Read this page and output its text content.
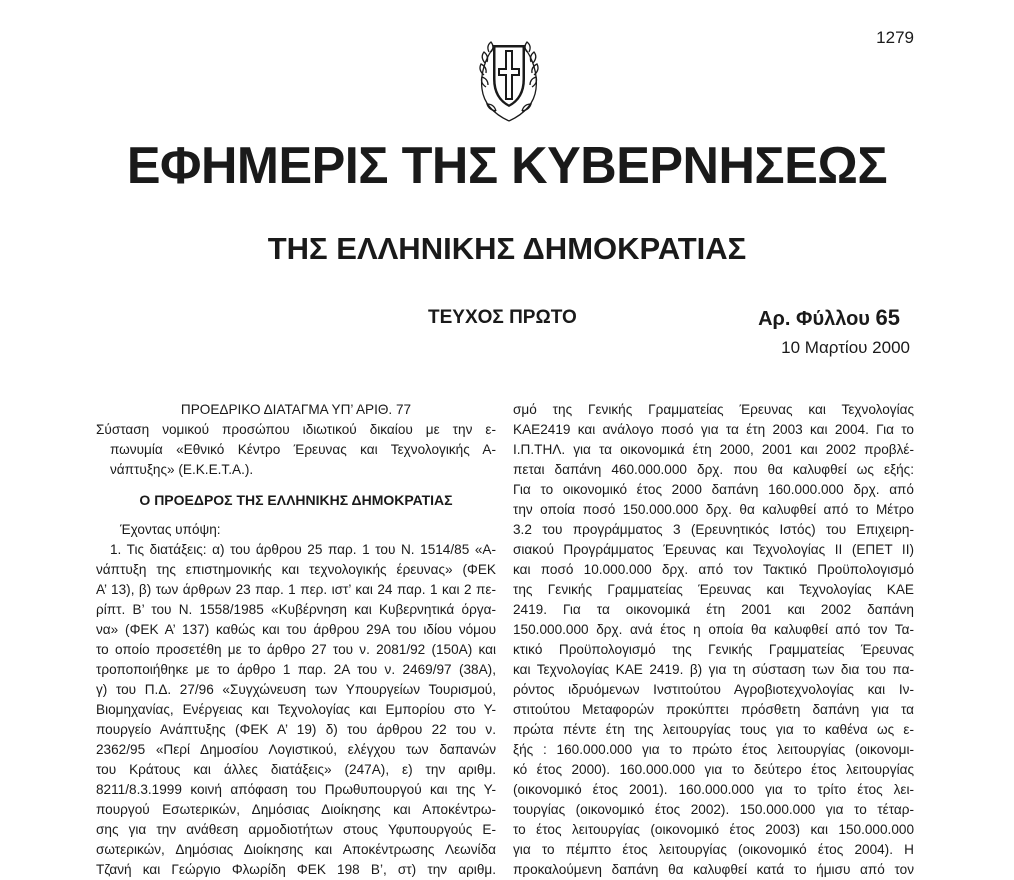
1279
ΕΦΗΜΕΡΙΣ ΤΗΣ ΚΥΒΕΡΝΗΣΕΩΣ
ΤΗΣ ΕΛΛΗΝΙΚΗΣ ΔΗΜΟΚΡΑΤΙΑΣ
ΤΕΥΧΟΣ ΠΡΩΤΟ	Αρ. Φύλλου 65
10 Μαρτίου 2000

ΠΡΟΕΔΡΙΚΟ ΔΙΑΤΑΓΜΑ ΥΠ’ ΑΡΙΘ. 77

Σύσταση νομικού προσώπου ιδιωτικού δικαίου με την ε-

πωνυμία «Εθνικό Κέντρο Έρευνας και Τεχνολογικής Α-

νάπτυξης» (Ε.Κ.Ε.Τ.Α.).

Ο ΠΡΟΕΔΡΟΣ ΤΗΣ ΕΛΛΗΝΙΚΗΣ ΔΗΜΟΚΡΑΤΙΑΣ

Έχοντας υπόψη:

1. Τις διατάξεις: α) του άρθρου 25 παρ. 1 του Ν. 1514/85 «Α-

νάπτυξη της επιστημονικής και τεχνολογικής έρευνας» (ΦΕΚ

Α’ 13), β) των άρθρων 23 παρ. 1 περ. ιστ’ και 24 παρ. 1 και 2 πε-

ρίπτ. Β’ του Ν. 1558/1985 «Κυβέρνηση και Κυβερνητικά όργα-

να» (ΦΕΚ Α’ 137) καθώς και του άρθρου 29Α του ιδίου νόμου

το οποίο προσετέθη με το άρθρο 27 του ν. 2081/92 (150Α) και

τροποποιήθηκε με το άρθρο 1 παρ. 2Α του ν. 2469/97 (38Α),

γ) του Π.Δ. 27/96 «Συγχώνευση των Υπουργείων Τουρισμού,

Βιομηχανίας, Ενέργειας και Τεχνολογίας και Εμπορίου στο Υ-

πουργείο Ανάπτυξης (ΦΕΚ Α’ 19) δ) του άρθρου 22 του ν.

2362/95 «Περί Δημοσίου Λογιστικού, ελέγχου των δαπανών

του Κράτους και άλλες διατάξεις» (247Α), ε) την αριθμ.

8211/8.3.1999 κοινή απόφαση του Πρωθυπουργού και της Υ-

πουργού Εσωτερικών, Δημόσιας Διοίκησης και Αποκέντρω-

σης για την ανάθεση αρμοδιοτήτων στους Υφυπουργούς Ε-

σωτερικών, Δημόσιας Διοίκησης και Αποκέντρωσης Λεωνίδα

Τζανή και Γεώργιο Φλωρίδη ΦΕΚ 198 Β’, στ) την αριθμ.

σμό της Γενικής Γραμματείας Έρευνας και Τεχνολογίας

ΚΑΕ2419 και ανάλογο ποσό για τα έτη 2003 και 2004. Για το

Ι.Π.ΤΗΛ. για τα οικονομικά έτη 2000, 2001 και 2002 προβλέ-

πεται δαπάνη 460.000.000 δρχ. που θα καλυφθεί ως εξής:

Για το οικονομικό έτος 2000 δαπάνη 160.000.000 δρχ. από

την οποία ποσό 150.000.000 δρχ. θα καλυφθεί από το Μέτρο

3.2 του προγράμματος 3 (Ερευνητικός Ιστός) του Επιχειρη-

σιακού Προγράμματος Έρευνας και Τεχνολογίας ΙΙ (ΕΠΕΤ ΙΙ)

και ποσό 10.000.000 δρχ. από τον Τακτικό Προϋπολογισμό

της Γενικής Γραμματείας Έρευνας και Τεχνολογίας ΚΑΕ

2419. Για τα οικονομικά έτη 2001 και 2002 δαπάνη

150.000.000 δρχ. ανά έτος η οποία θα καλυφθεί από τον Τα-

κτικό Προϋπολογισμό της Γενικής Γραμματείας Έρευνας

και Τεχνολογίας ΚΑΕ 2419. β) για τη σύσταση των δια του πα-

ρόντος ιδρυόμενων Ινστιτούτου Αγροβιοτεχνολογίας και Ιν-

στιτούτου Μεταφορών προκύπτει πρόσθετη δαπάνη για τα

πρώτα πέντε έτη της λειτουργίας τους για το καθένα ως ε-

ξής : 160.000.000 για το πρώτο έτος λειτουργίας (οικονομι-

κό έτος 2000). 160.000.000 για το δεύτερο έτος λειτουργίας

(οικονομικό έτος 2001). 160.000.000 για το τρίτο έτος λει-

τουργίας (οικονομικό έτος 2002). 150.000.000 για το τέταρ-

το έτος λειτουργίας (οικονομικό έτος 2003) και 150.000.000

για το πέμπτο έτος λειτουργίας (οικονομικό έτος 2004). Η

προκαλούμενη δαπάνη θα καλυφθεί κατά το ήμισυ από τον
